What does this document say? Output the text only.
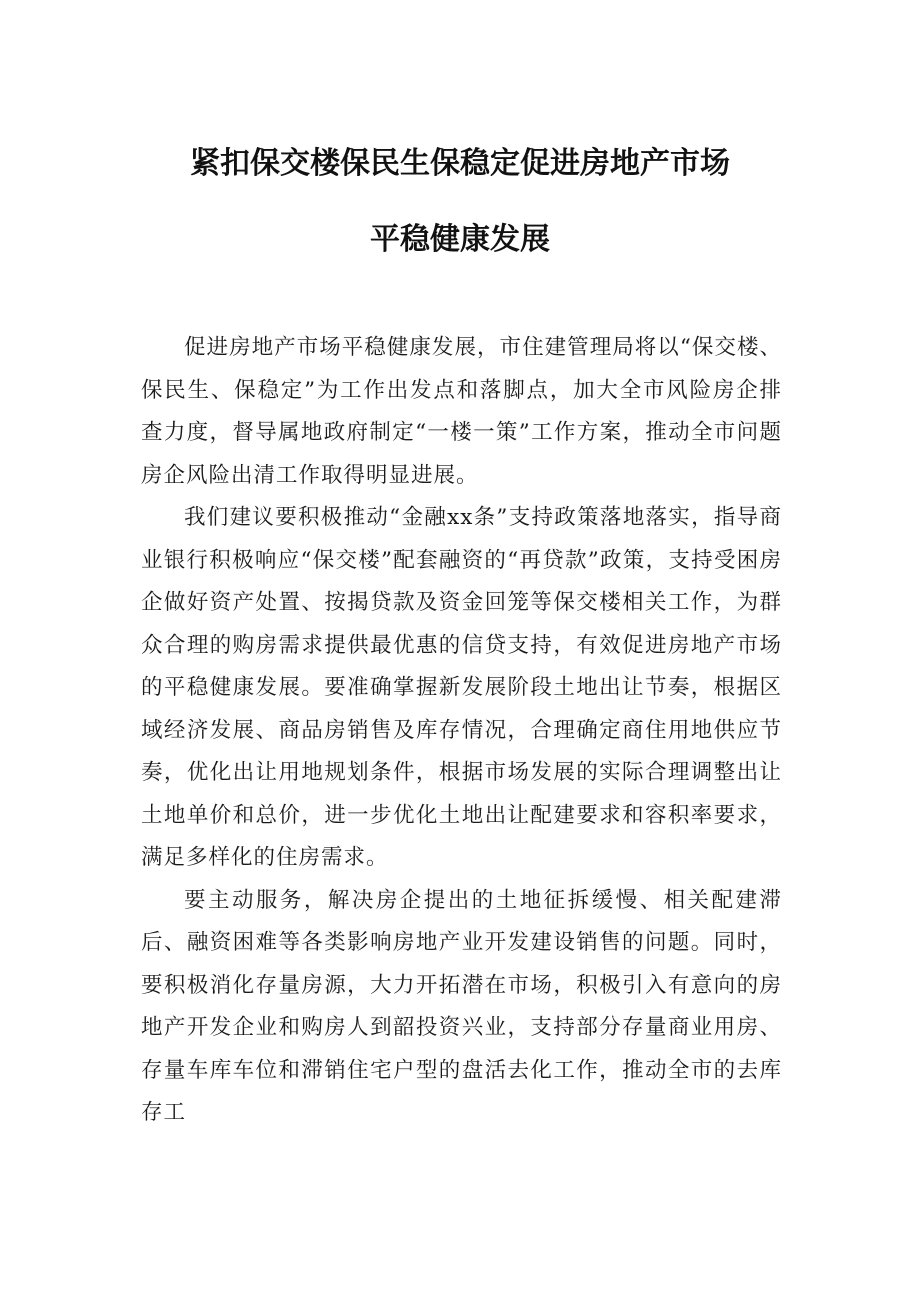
紧扣保交楼保民生保稳定促进房地产市场
平稳健康发展

促进房地产市场平稳健康发展，市住建管理局将以“保交楼、保民生、保稳定”为工作出发点和落脚点，加大全市风险房企排查力度，督导属地政府制定“一楼一策”工作方案，推动全市问题房企风险出清工作取得明显进展。

我们建议要积极推动“金融xx条”支持政策落地落实，指导商业银行积极响应“保交楼”配套融资的“再贷款”政策，支持受困房企做好资产处置、按揭贷款及资金回笼等保交楼相关工作，为群众合理的购房需求提供最优惠的信贷支持，有效促进房地产市场的平稳健康发展。要准确掌握新发展阶段土地出让节奏，根据区域经济发展、商品房销售及库存情况，合理确定商住用地供应节奏，优化出让用地规划条件，根据市场发展的实际合理调整出让土地单价和总价，进一步优化土地出让配建要求和容积率要求，满足多样化的住房需求。

要主动服务，解决房企提出的土地征拆缓慢、相关配建滞后、融资困难等各类影响房地产业开发建设销售的问题。同时，要积极消化存量房源，大力开拓潜在市场，积极引入有意向的房地产开发企业和购房人到韶投资兴业，支持部分存量商业用房、存量车库车位和滞销住宅户型的盘活去化工作，推动全市的去库存工
